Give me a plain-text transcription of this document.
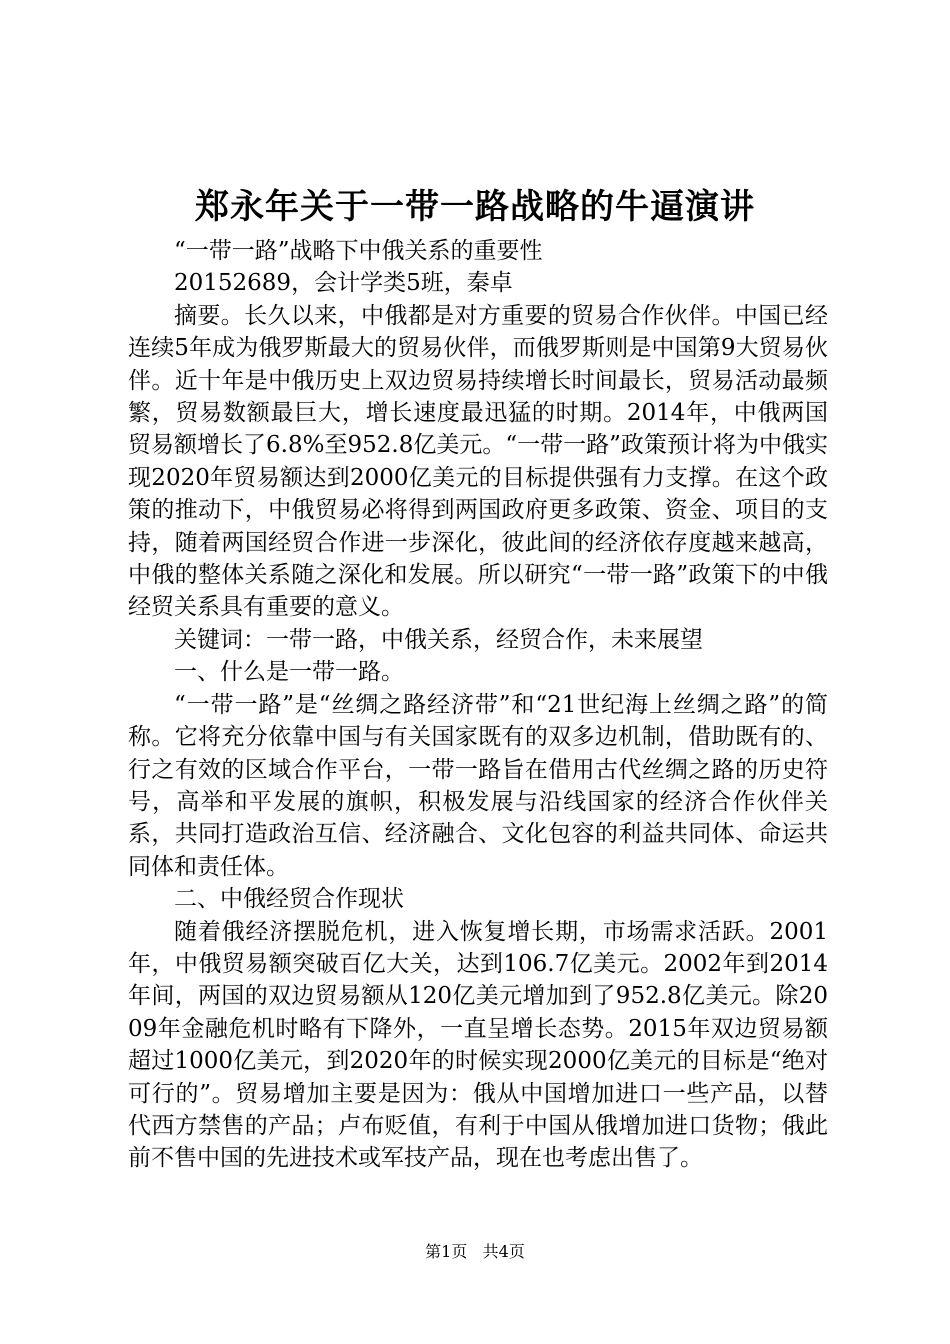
郑永年关于一带一路战略的牛逼演讲

“一带一路”战略下中俄关系的重要性

20152689，会计学类5班，秦卓

摘要。长久以来，中俄都是对方重要的贸易合作伙伴。中国已经连续5年成为俄罗斯最大的贸易伙伴，而俄罗斯则是中国第9大贸易伙伴。近十年是中俄历史上双边贸易持续增长时间最长，贸易活动最频繁，贸易数额最巨大，增长速度最迅猛的时期。2014年，中俄两国贸易额增长了6.8%至952.8亿美元。“一带一路”政策预计将为中俄实现2020年贸易额达到2000亿美元的目标提供强有力支撑。在这个政策的推动下，中俄贸易必将得到两国政府更多政策、资金、项目的支持，随着两国经贸合作进一步深化，彼此间的经济依存度越来越高，中俄的整体关系随之深化和发展。所以研究“一带一路”政策下的中俄经贸关系具有重要的意义。

关键词：一带一路，中俄关系，经贸合作，未来展望

一、什么是一带一路。

“一带一路”是“丝绸之路经济带”和“21世纪海上丝绸之路”的简称。它将充分依靠中国与有关国家既有的双多边机制，借助既有的、行之有效的区域合作平台，一带一路旨在借用古代丝绸之路的历史符号，高举和平发展的旗帜，积极发展与沿线国家的经济合作伙伴关系，共同打造政治互信、经济融合、文化包容的利益共同体、命运共同体和责任体。

二、中俄经贸合作现状

随着俄经济摆脱危机，进入恢复增长期，市场需求活跃。2001年，中俄贸易额突破百亿大关，达到106.7亿美元。2002年到2014年间，两国的双边贸易额从120亿美元增加到了952.8亿美元。除2009年金融危机时略有下降外，一直呈增长态势。2015年双边贸易额超过1000亿美元，到2020年的时候实现2000亿美元的目标是“绝对可行的”。贸易增加主要是因为：俄从中国增加进口一些产品，以替代西方禁售的产品；卢布贬值，有利于中国从俄增加进口货物；俄此前不售中国的先进技术或军技产品，现在也考虑出售了。

第1页 共4页
